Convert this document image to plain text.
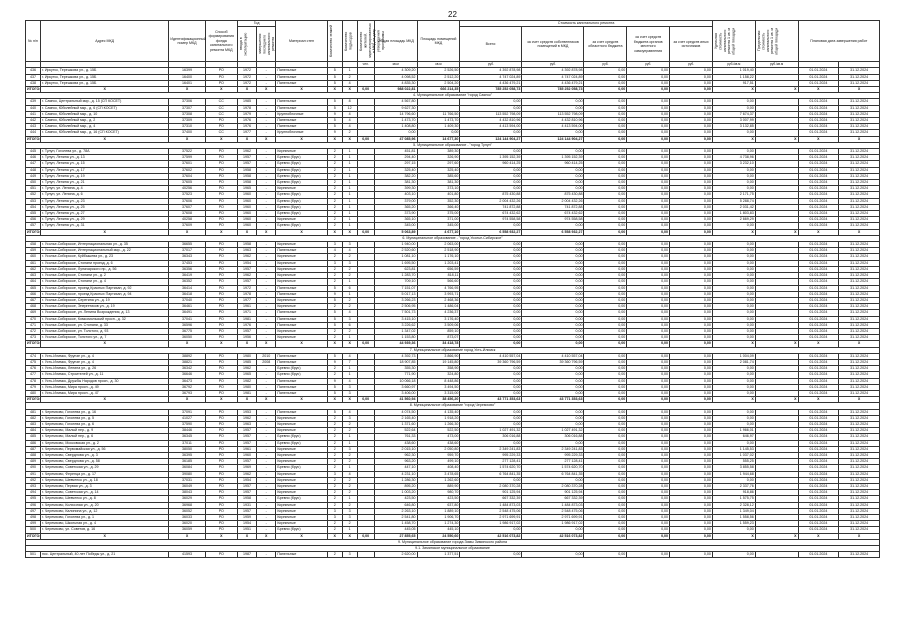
22
№ п/п	Адрес МКД	Идентификационный номер МКД	Способ формирования фонда капитального ремонта МКД	Год		Материал стен	Количество этажей	Количество подъездов	Количество жителей, зарегистрированных в МКД на дату утверждения программы	Общая площадь МКД	Площадь помещений МКД	Стоимость капитального ремонта					Удельная стоимость капитального ремонта 1 кв. м общей площади	Предельная стоимость капитального ремонта 1 кв. м общей площади	Плановая дата завершения работ	

				ввода в эксплуатацию	завершения последнего капитального ремонта							Всего:	за счет средств собственников помещений в МКД	за счет средств областного бюджета	за счет средств бюджета органов местного самоуправления	за счет средств иных источников				
									чел.	кв.м	кв.м	руб.	руб.	руб.	руб.	руб.	руб./кв.м	руб./кв.м		
436	г. Иркутск, Терешкова ул., д. 15Б	16399	РО	1972	-	Панельные	5	1		4 309,20	2 526,50	4 392 878,98	4 392 878,98	0,00	0,00	0,00	1 019,40		01.01.2024	31.12.2024
437	г. Иркутск, Терешкова ул., д. 15Б	16400	РО	1972	-	Панельные	5	2		4 098,52	2 512,20	4 747 024,89	4 747 024,89	0,00	0,00	0,00	1 158,22		01.01.2024	31.12.2024
438	г. Иркутск, Терешкова ул., д. 15Б	16401	РО	1972	-	Панельные	5	4		4 835,30	2 504,20	4 436 479,21	4 436 479,21	0,00	0,00	0,00	917,51		01.01.2024	31.12.2024
ИТОГО:	X	X	X	X	X	X	X	X	0,00	988 022,81	666 214,35	785 252 058,73	785 252 058,73	0,00	0,00	0,00	X	X	X	X
4. Муниципальное образование "город Саянск"																				
439	г. Саянск, Центральный мкр., д. 15 (СП КОСЕТ)	37306	СС	1985	-	Панельные	5	8		4 567,80		0,00	0,00	0,00	0,00	0,00	0,00		01.01.2024	31.12.2024
440	г. Саянск, Юбилейный мкр., д. 6 (СП КОСЕТ)	37307	СС	1978	-	Панельные	5	12		9 627,30		0,00	0,00	0,00	0,00	0,00	0,00		01.01.2024	31.12.2024
441	г. Саянск, Юбилейный мкр., д. 10	37308	СС	1979	-	Крупноблочные	9	4		14 796,60	11 766,50	113 552 798,09	113 552 798,09	0,00	0,00	0,00	7 674,37		01.01.2024	31.12.2024
442	г. Саянск, Юбилейный мкр., д. 2	37309	РО	1976	-	Панельные	5	4		1 473,70	1 473,70	4 432 810,96	4 432 810,96	0,00	0,00	0,00	3 007,99		01.01.2024	31.12.2024
443	г. Саянск, Юбилейный мкр., д. 4	37310	РО	1976	-	Панельные	5	4		1 408,80	1 409,30	4 413 594,00	4 413 594,00	0,00	0,00	0,00	3 132,85		01.01.2024	31.12.2024
444	г. Саянск, Юбилейный мкр., д. 16 (СП КОСЕТ)	37400	СС	1977	-	Крупноблочные	9	2		0,00	0,00	0,00	0,00	0,00	0,00	0,00	0,00		01.01.2024	31.12.2024
ИТОГО:	X	X	X	X	X	X	X	X	0,00	47 085,96	14 677,30	124 144 904,27	124 144 904,27	0,00	0,00	0,00	X	X	X	X
5. Муниципальное образование - "город Тулун"																				
445	г. Тулун, Гоголева ул., д. 78А	37522	РО	1962	-	Кирпичные	2	1		451,81	389,30	0,00	0,00	0,00	0,00	0,00	0,00		01.01.2024	31.12.2024
446	г. Тулун, Ленина ул., д. 13	37599	РО	1957	-	Бревно (брус)	2	1		294,40	326,90	1 395 152,39	1 395 152,39	0,00	0,00	0,00	4 738,96		01.01.2024	31.12.2024
447	г. Тулун, Ленина ул., д. 15	37601	РО	1957	-	Бревно (брус)	2	1		297,15	297,60	960 414,25	960 414,25	0,00	0,00	0,00	3 232,10		01.01.2024	31.12.2024
448	г. Тулун, Ленина ул., д. 17	37602	РО	1958	-	Бревно (брус)	2	1		325,40	325,40	0,00	0,00	0,00	0,00	0,00	0,00		01.01.2024	31.12.2024
449	г. Тулун, Ленина ул., д. 19	37604	РО	1958	-	Бревно (брус)	2	1		382,20	385,60	0,00	0,00	0,00	0,00	0,00	0,00		01.01.2024	31.12.2024
450	г. Тулун, Ленина ул., д. 21	37605	РО	1958	-	Бревно (брус)	2	1		381,30	381,30	0,00	0,00	0,00	0,00	0,00	0,00		01.01.2024	31.12.2024
451	г. Тулун, ул. Ленина, д. 4	40256	РО	1965	-	Кирпичные	2	1		399,30	373,10	0,00	0,00	0,00	0,00	0,00	0,00		01.01.2024	31.12.2024
452	г. Тулун, ул. Ленина, д. 6	37523	РО	1960	-	Бревно (брус)	2	1		403,10	401,80	875 430,88	875 430,88	0,00	0,00	0,00	2 171,75		01.01.2024	31.12.2024
453	г. Тулун, Ленина ул., д. 23	37606	РО	1960	-	Бревно (брус)	2	1		379,00	352,30	2 004 432,26	2 004 432,26	0,00	0,00	0,00	5 288,74		01.01.2024	31.12.2024
454	г. Тулун, Ленина ул., д. 25	37607	РО	1960	-	Бревно (брус)	2	1		365,20	366,40	741 872,88	741 872,88	0,00	0,00	0,00	2 031,42		01.01.2024	31.12.2024
455	г. Тулун, Ленина ул., д. 27	37608	РО	1960	-	Бревно (брус)	2	1		373,90	375,00	674 432,62	674 432,62	0,00	0,00	0,00	1 803,83		01.01.2024	31.12.2024
456	г. Тулун, Ленина ул., д. 29	40258	РО	1960	-	Кирпичные	2	1		365,10	371,00	974 558,58	974 558,58	0,00	0,00	0,00	2 669,29		01.01.2024	31.12.2024
457	г. Тулун, Ленина ул., д. 31	37609	РО	1960	-	Бревно (брус)	2	1		345,00	345,00	0,00	0,00	0,00	0,00	0,00	0,00		01.01.2024	31.12.2024
ИТОГО:	X	X	X	X	X	X	X	X	0,00	5 063,89	4 677,10	6 558 932,27	6 558 932,27	0,00	0,00	0,00	X	X	X	X
6. Муниципальное образование - "город Усолье-Сибирское"																				
458	г. Усолье-Сибирское, Интернациональная ул., д. 35	36655	РО	1958	-	Кирпичные	3	3		1 940,00	2 063,00	0,00	0,00	0,00	0,00	0,00	0,00		01.01.2024	31.12.2024
459	г. Усолье-Сибирское, Интернациональный мкр., д. 22	37017	РО	1963	-	Панельные	4	4		2 520,60	2 518,90	0,00	0,00	0,00	0,00	0,00	0,00		01.01.2024	31.12.2024
460	г. Усолье-Сибирское, Куйбышева ул., д. 23	36343	РО	1962	-	Кирпичные	2	2		1 081,10	1 176,10	0,00	0,00	0,00	0,00	0,00	0,00		01.01.2024	31.12.2024
461	г. Усолье-Сибирское, Стопани проезд, д. 6	37453	РО	1954	-	Кирпичные	3	3		1 695,50	1 203,41	0,00	0,00	0,00	0,00	0,00	0,00		01.01.2024	31.12.2024
462	г. Усолье-Сибирское, Луначарского пр., д. 56	36356	РО	1957	-	Кирпичные	2	2		623,81	656,59	0,00	0,00	0,00	0,00	0,00	0,00		01.01.2024	31.12.2024
463	г. Усолье-Сибирское, Стопани ул., д. 2	36419	РО	1962	-	Кирпичные	2	2		1 283,70	818,11	0,00	0,00	0,00	0,00	0,00	0,00		01.01.2024	31.12.2024
464	г. Усолье-Сибирское, Стопани ул., д. 4	36352	РО	1957	-	Кирпичные	2	1		709,10	566,60	0,00	0,00	0,00	0,00	0,00	0,00		01.01.2024	31.12.2024
465	г. Усолье-Сибирское, проезд Красных Партизан, д. 92	36414	РО	1972	-	Панельные	5	6		7 151,07	4 766,95	0,00	0,00	0,00	0,00	0,00	0,00		01.01.2024	31.12.2024
466	г. Усолье-Сибирское, проезд Красных Партизан, д. 94	36418	РО	1978	-	Панельные	9	1		5 017,13	3 993,71	0,00	0,00	0,00	0,00	0,00	0,00		01.01.2024	31.12.2024
467	г. Усолье-Сибирское, Серегина ул., д. 19	37040	РО	1977	-	Кирпичные	5	2		3 266,23	2 468,36	0,00	0,00	0,00	0,00	0,00	0,00		01.01.2024	31.12.2024
468	г. Усолье-Сибирское, Энергетиков ул., д. 19	36461	РО	1961	-	Кирпичные	2	2		2 506,95	1 486,04	0,00	0,00	0,00	0,00	0,00	0,00		01.01.2024	31.12.2024
469	г. Усолье-Сибирское, ул. Ленина Возрождения, д. 13	36491	РО	1971	-	Панельные	5	4		7 501,73	4 236,37	0,00	0,00	0,00	0,00	0,00	0,00		01.01.2024	31.12.2024
470	г. Усолье-Сибирское, Комсомольский просп., д. 32	37041	РО	1981	-	Панельные	5	3		3 415,10	3 176,40	0,00	0,00	0,00	0,00	0,00	0,00		01.01.2024	31.12.2024
471	г. Усолье-Сибирское, ул. Стопани, д. 33	36596	РО	1976	-	Панельные	5	6		3 226,62	3 509,06	0,00	0,00	0,00	0,00	0,00	0,00		01.01.2024	31.12.2024
472	г. Усолье-Сибирское, ул. Толстого, д. 93	36775	РО	1957	-	Кирпичные	2	2		1 347,02	859,10	0,00	0,00	0,00	0,00	0,00	0,00		01.01.2024	31.12.2024
473	г. Усолье-Сибирское, Толстого ул., д. 7	36050	РО	1956	-	Кирпичные	2	1		1 153,80	873,07	0,00	0,00	0,00	0,00	0,00	0,00		01.01.2024	31.12.2024
ИТОГО:	X	X	X	X	X	X	X	X	0,00	44 939,36	34 418,78	0,00	0,00	0,00	0,00	0,00	X	X	X	X
7. Муниципальное образование город Усть-Илимск																				
474	г. Усть-Илимск, Фрунзе ул., д. 4	38892	РО	1980	2010	Панельные	5	4		4 392,73	3 866,90	4 410 557,04	4 410 557,04	0,00	0,00	0,00	1 004,09		01.01.2024	31.12.2024
475	г. Усть-Илимск, Фрунзе ул., д. 4	38821	РО	1985	2008	Панельные	9	7		18 907,85	19 145,80	39 360 796,59	39 360 796,59	0,00	0,00	0,00	2 081,74		01.01.2024	31.12.2024
476	г. Усть-Илимск, Ленина ул., д. 26	36342	РО	1962	-	Бревно (брус)	2	1		355,30	358,90	0,00	0,00	0,00	0,00	0,00	0,00		01.01.2024	31.12.2024
477	г. Усть-Илимск, Строителей ул., д. 11	36646	РО	1965	-	Бревно (брус)	2	1		771,90	324,80	0,00	0,00	0,00	0,00	0,00	0,00		01.01.2024	31.12.2024
478	г. Усть-Илимск, Дружбы Народов просп., д. 30	36473	РО	1982	-	Панельные	9	4		10 066,18	8 448,86	0,00	0,00	0,00	0,00	0,00	0,00		01.01.2024	31.12.2024
479	г. Усть-Илимск, Мира просп., д. 49	36792	РО	1980	-	Панельные	5	3		3 660,97	3 494,50	0,00	0,00	0,00	0,00	0,00	0,00		01.01.2024	31.12.2024
480	г. Усть-Илимск, Мира просп., д. 47	36793	РО	1981	-	Панельные	5	3		3 406,00	3 315,00	0,00	0,00	0,00	0,00	0,00	0,00		01.01.2024	31.12.2024
ИТОГО:	X	X	X	X	X	X	X	X	0,00	41 560,94	38 456,20	43 771 353,63	43 771 353,63	0,00	0,00	0,00	X	X	X	X
8. Муниципальное образование "город Черемхово"																				
481	г. Черемхово, Гоголева ул., д. 16	37091	РО	1953	-	Панельные	5	4		4 074,50	4 135,40	0,00	0,00	0,00	0,00	0,00	0,00		01.01.2024	31.12.2024
482	г. Черемхово, Гоголева ул., д. 5	41027	РО	1962	-	Кирпичные	2	3		2 165,40	1 918,20	0,00	0,00	0,00	0,00	0,00	0,00		01.01.2024	31.12.2024
483	г. Черемхово, Гоголева ул., д. 6	37590	РО	1963	-	Кирпичные	2	2		1 371,60	1 266,30	0,00	0,00	0,00	0,00	0,00	0,00		01.01.2024	31.12.2024
484	г. Черемхово, Малый пер., д. 9	38446	РО	1957	-	Кирпичные	2	2		522,64	522,50	1 027 491,32	1 027 491,32	0,00	0,00	0,00	1 966,01		01.01.2024	31.12.2024
485	г. Черемхово, Малый пер., д. 6	36345	РО	1957	-	Бревно (брус)	2	1		761,33	473,00	306 016,88	306 016,88	0,00	0,00	0,00	646,97		01.01.2024	31.12.2024
486	г. Черемхово, Московская ул., д. 2	37011	РО	1957	-	Бревно (брус)	2	1		438,60	438,60	0,00	0,00	0,00	0,00	0,00	0,00		01.01.2024	31.12.2024
487	г. Черемхово, Первомайская ул., д. 56	38050	РО	1961	-	Кирпичные	2	3		2 015,10	2 050,80	2 349 241,83	2 349 241,83	0,00	0,00	0,00	1 145,53		01.01.2024	31.12.2024
488	г. Черемхово, Свердлова ул., д. 3	36395	РО	1960	-	Кирпичные	2	2		962,30	959,70	995 229,33	995 229,33	0,00	0,00	0,00	1 037,02		01.01.2024	31.12.2024
489	г. Черемхово, Свердлова ул., д. 58	36185	РО	1957	-	Кирпичные	2	2		963,20	499,10	277 128,41	277 128,41	0,00	0,00	0,00	555,25		01.01.2024	31.12.2024
490	г. Черемхово, Советская ул., д. 29	36084	РО	1969	-	Бревно (брус)	2	1		447,10	408,40	1 574 620,70	1 574 620,70	0,00	0,00	0,00	3 855,58		01.01.2024	31.12.2024
491	г. Черемхово, Ференца ул., д. 17	39080	РО	1962	-	Кирпичные	3	4		4 231,10	3 478,65	6 764 841,35	6 764 841,35	0,00	0,00	0,00	1 944,68		01.01.2024	31.12.2024
492	г. Черемхово, Шевченко ул., д. 18	37031	РО	1954	-	Кирпичные	2	2		1 286,30	1 262,60	0,00	0,00	0,00	0,00	0,00	0,00		01.01.2024	31.12.2024
493	г. Черемхово, Первая ул., д. 3	36049	РО	1957	-	Кирпичные	2	2		895,20	889,90	2 080 370,28	2 080 370,28	0,00	0,00	0,00	2 337,76		01.01.2024	31.12.2024
494	г. Черемхово, Советская ул., д. 14	38043	РО	1957	-	Кирпичные	2	2		1 003,20	980,70	901 125,94	901 125,94	0,00	0,00	0,00	918,86		01.01.2024	31.12.2024
495	г. Черемхово, Шевченко ул., д. 8	36029	РО	1958	-	Бревно (брус)	2	1		423,50	423,50	667 332,39	667 332,39	0,00	0,00	0,00	1 575,75		01.01.2024	31.12.2024
496	г. Черемхово, Колхозная ул., д. 20	36968	РО	1931	-	Кирпичные	2	2		646,80	637,80	1 484 873,03	1 484 873,03	0,00	0,00	0,00	2 328,12		01.01.2024	31.12.2024
497	г. Черемхово, Калинина ул., д. 12	36052	РО	1957	-	Кирпичные	3	3		2 263,10	1 889,10	2 548 475,06	2 548 475,06	0,00	0,00	0,00	1 349,04		01.01.2024	31.12.2024
498	г. Черемхово, Гоголева ул., д. 1	36033	РО	1959	-	Кирпичные	3	3		2 541,80	1 906,70	2 971 699,91	2 971 699,91	0,00	0,00	0,00	1 558,56		01.01.2024	31.12.2024
499	г. Черемхово, Школьная ул., д. 4	36020	РО	1954	-	Кирпичные	2	2		1 458,70	1 274,30	1 986 917,02	1 986 917,02	0,00	0,00	0,00	1 559,23		01.01.2024	31.12.2024
500	г. Черемхово, ул. Советов, д. 16	36059	РО	1951	-	Бревно (брус)	2	1		445,05	445,10	0,00	0,00	0,00	0,00	0,00	0,00		01.01.2024	31.12.2024
ИТОГО:	X	X	X	X	X	X	X	X	0,00	27 855,65	24 550,60	42 516 073,82	42 516 073,82	0,00	0,00	0,00	X	X	X	X
9. Муниципальное образование города Зимы Зиминского района																				
9.1. Зиминское муниципальное образование																				
501	пос. Центральный, 40 лет Победы ул., д. 21	41593	РО	1987	-	Панельные	2	3		2 620,00	1 377,51	0,00	0,00	0,00	0,00	0,00	0,00		01.01.2024	31.12.2024
